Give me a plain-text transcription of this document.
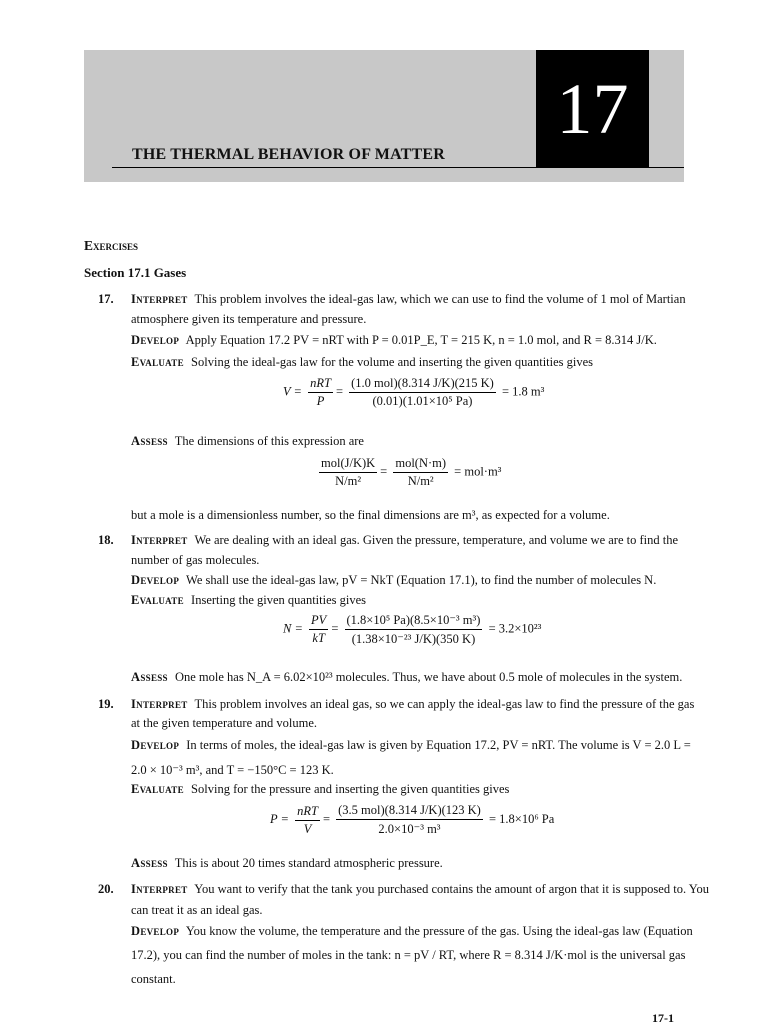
17
THE THERMAL BEHAVIOR OF MATTER
Exercises
Section 17.1 Gases
17. Interpret This problem involves the ideal-gas law, which we can use to find the volume of 1 mol of Martian
atmosphere given its temperature and pressure.
Develop Apply Equation 17.2 PV = nRT with P = 0.01P_E, T = 215 K, n = 1.0 mol, and R = 8.314 J/K.
Evaluate Solving the ideal-gas law for the volume and inserting the given quantities gives
$V = \frac{\text{nRT}}{P} = \frac{\text{(1.0 mol)(8.314 J/K)(215 K)}}{\text{(0.01)(1.01×10⁵ Pa)}} = 1.8$ m³
Assess The dimensions of this expression are
$\frac{\text{mol(J/K)K}}{\text{N/m²}} = \frac{\text{mol(N·m)}}{\text{N/m²}} = mol\cdot m^3$
but a mole is a dimensionless number, so the final dimensions are m³, as expected for a volume.
18. Interpret We are dealing with an ideal gas. Given the pressure, temperature, and volume we are to find the
number of gas molecules.
Develop We shall use the ideal-gas law, pV = NkT (Equation 17.1), to find the number of molecules N.
Evaluate Inserting the given quantities gives
$N = \frac{PV}{kT} = \frac{\text{(1.8×10⁵ Pa)(8.5×10⁻³ m³)}}{\text{(1.38×10⁻²³ J/K)(350 K)}} = 3.2\times 10^{23}$
Assess One mole has N_A = 6.02×10²³ molecules. Thus, we have about 0.5 mole of molecules in the system.
19. Interpret This problem involves an ideal gas, so we can apply the ideal-gas law to find the pressure of the gas
at the given temperature and volume.
Develop In terms of moles, the ideal-gas law is given by Equation 17.2, PV = nRT. The volume is V = 2.0 L =
2.0 × 10⁻³ m³, and T = −150°C = 123 K.
Evaluate Solving for the pressure and inserting the given quantities gives
$P = \frac{\text{nRT}}{V} = \frac{\text{(3.5 mol)(8.314 J/K)(123 K)}}{\text{2.0×10⁻³ m³}} = 1.8\times 10^6$ Pa
Assess This is about 20 times standard atmospheric pressure.
20. Interpret You want to verify that the tank you purchased contains the amount of argon that it is supposed to. You
can treat it as an ideal gas.
Develop You know the volume, the temperature and the pressure of the gas. Using the ideal-gas law (Equation
17.2), you can find the number of moles in the tank: n = pV / RT, where R = 8.314 J/K·mol is the universal gas
constant.
17-1
